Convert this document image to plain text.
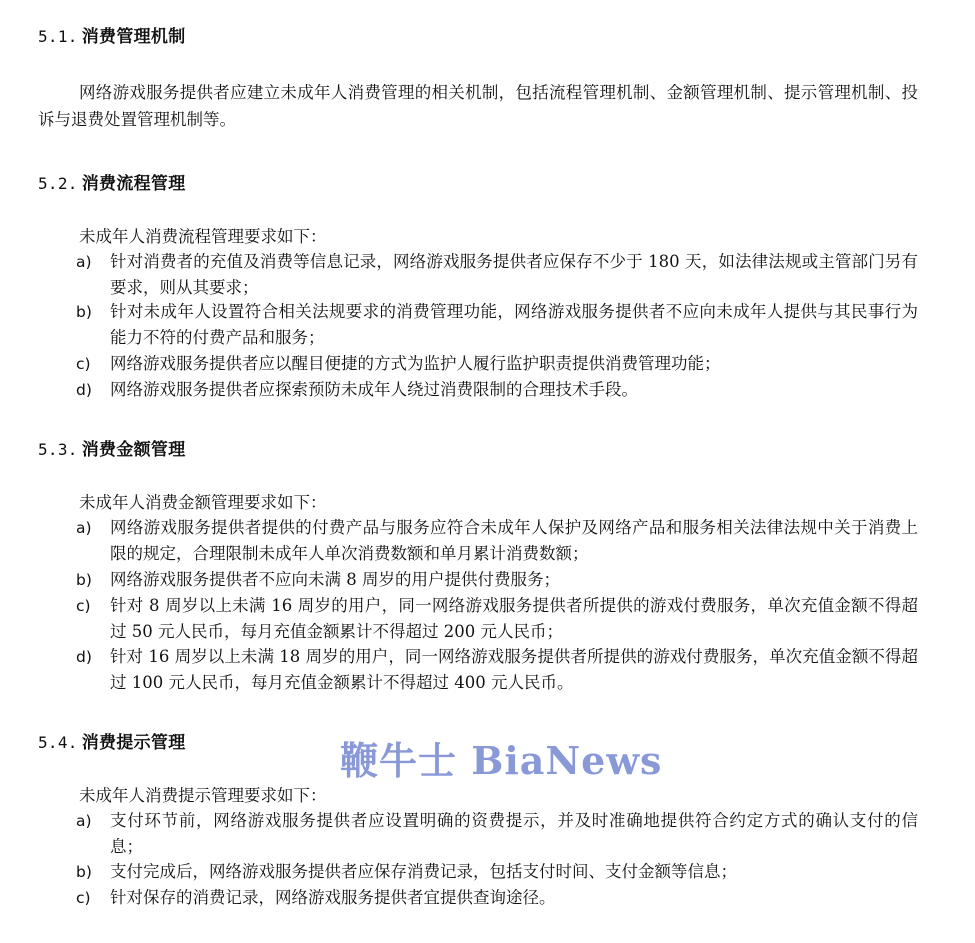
5.1. 消费管理机制
网络游戏服务提供者应建立未成年人消费管理的相关机制，包括流程管理机制、金额管理机制、提示管理机制、投诉与退费处置管理机制等。
5.2. 消费流程管理
未成年人消费流程管理要求如下：
a)	针对消费者的充值及消费等信息记录，网络游戏服务提供者应保存不少于 180 天，如法律法规或主管部门另有要求，则从其要求；
b)	针对未成年人设置符合相关法规要求的消费管理功能，网络游戏服务提供者不应向未成年人提供与其民事行为能力不符的付费产品和服务；
c)	网络游戏服务提供者应以醒目便捷的方式为监护人履行监护职责提供消费管理功能；
d)	网络游戏服务提供者应探索预防未成年人绕过消费限制的合理技术手段。
5.3. 消费金额管理
未成年人消费金额管理要求如下：
a)	网络游戏服务提供者提供的付费产品与服务应符合未成年人保护及网络产品和服务相关法律法规中关于消费上限的规定，合理限制未成年人单次消费数额和单月累计消费数额；
b)	网络游戏服务提供者不应向未满 8 周岁的用户提供付费服务；
c)	针对 8 周岁以上未满 16 周岁的用户，同一网络游戏服务提供者所提供的游戏付费服务，单次充值金额不得超过 50 元人民币，每月充值金额累计不得超过 200 元人民币；
d)	针对 16 周岁以上未满 18 周岁的用户，同一网络游戏服务提供者所提供的游戏付费服务，单次充值金额不得超过 100 元人民币，每月充值金额累计不得超过 400 元人民币。
5.4. 消费提示管理
未成年人消费提示管理要求如下：
a)	支付环节前，网络游戏服务提供者应设置明确的资费提示，并及时准确地提供符合约定方式的确认支付的信息；
b)	支付完成后，网络游戏服务提供者应保存消费记录，包括支付时间、支付金额等信息；
c)	针对保存的消费记录，网络游戏服务提供者宜提供查询途径。
鞭牛士 BiaNews
